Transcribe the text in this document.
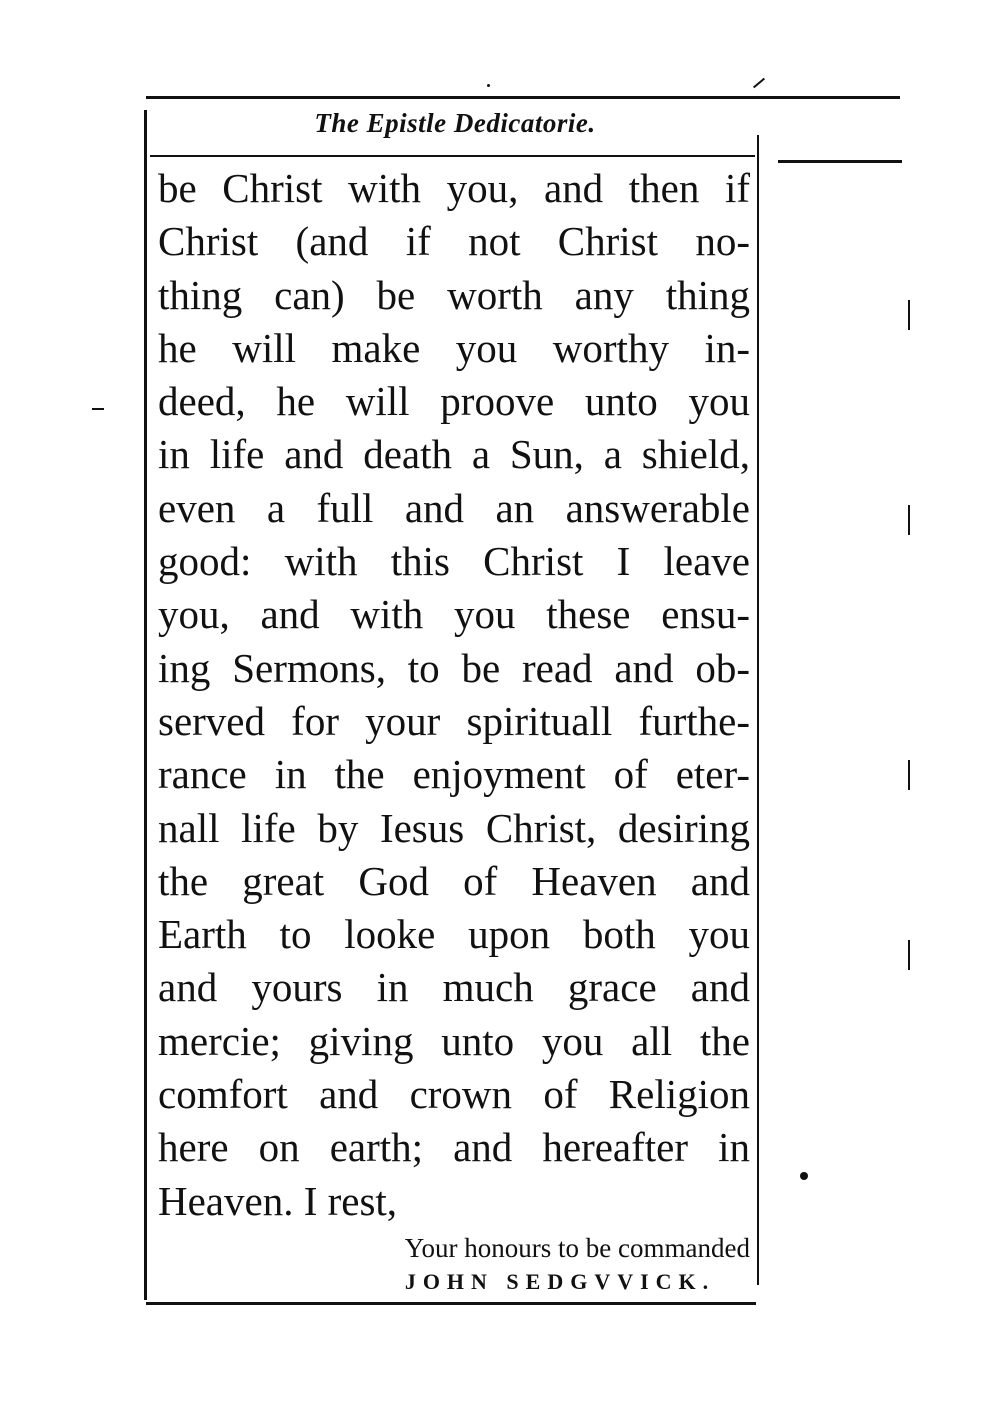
The Epistle Dedicatorie.
be Christ with you, and then if
Christ (and if not Christ no-
thing can) be worth any thing
he will make you worthy in-
deed, he will proove unto you
in life and death a Sun, a shield,
even a full and an answerable
good: with this Christ I leave
you, and with you these ensu-
ing Sermons, to be read and ob-
served for your spirituall furthe-
rance in the enjoyment of eter-
nall life by Iesus Christ, desiring
the great God of Heaven and
Earth to looke upon both you
and yours in much grace and
mercie; giving unto you all the
comfort and crown of Religion
here on earth; and hereafter in
Heaven. I rest,
Your honours to be commanded
JOHN SEDGVVICK.
